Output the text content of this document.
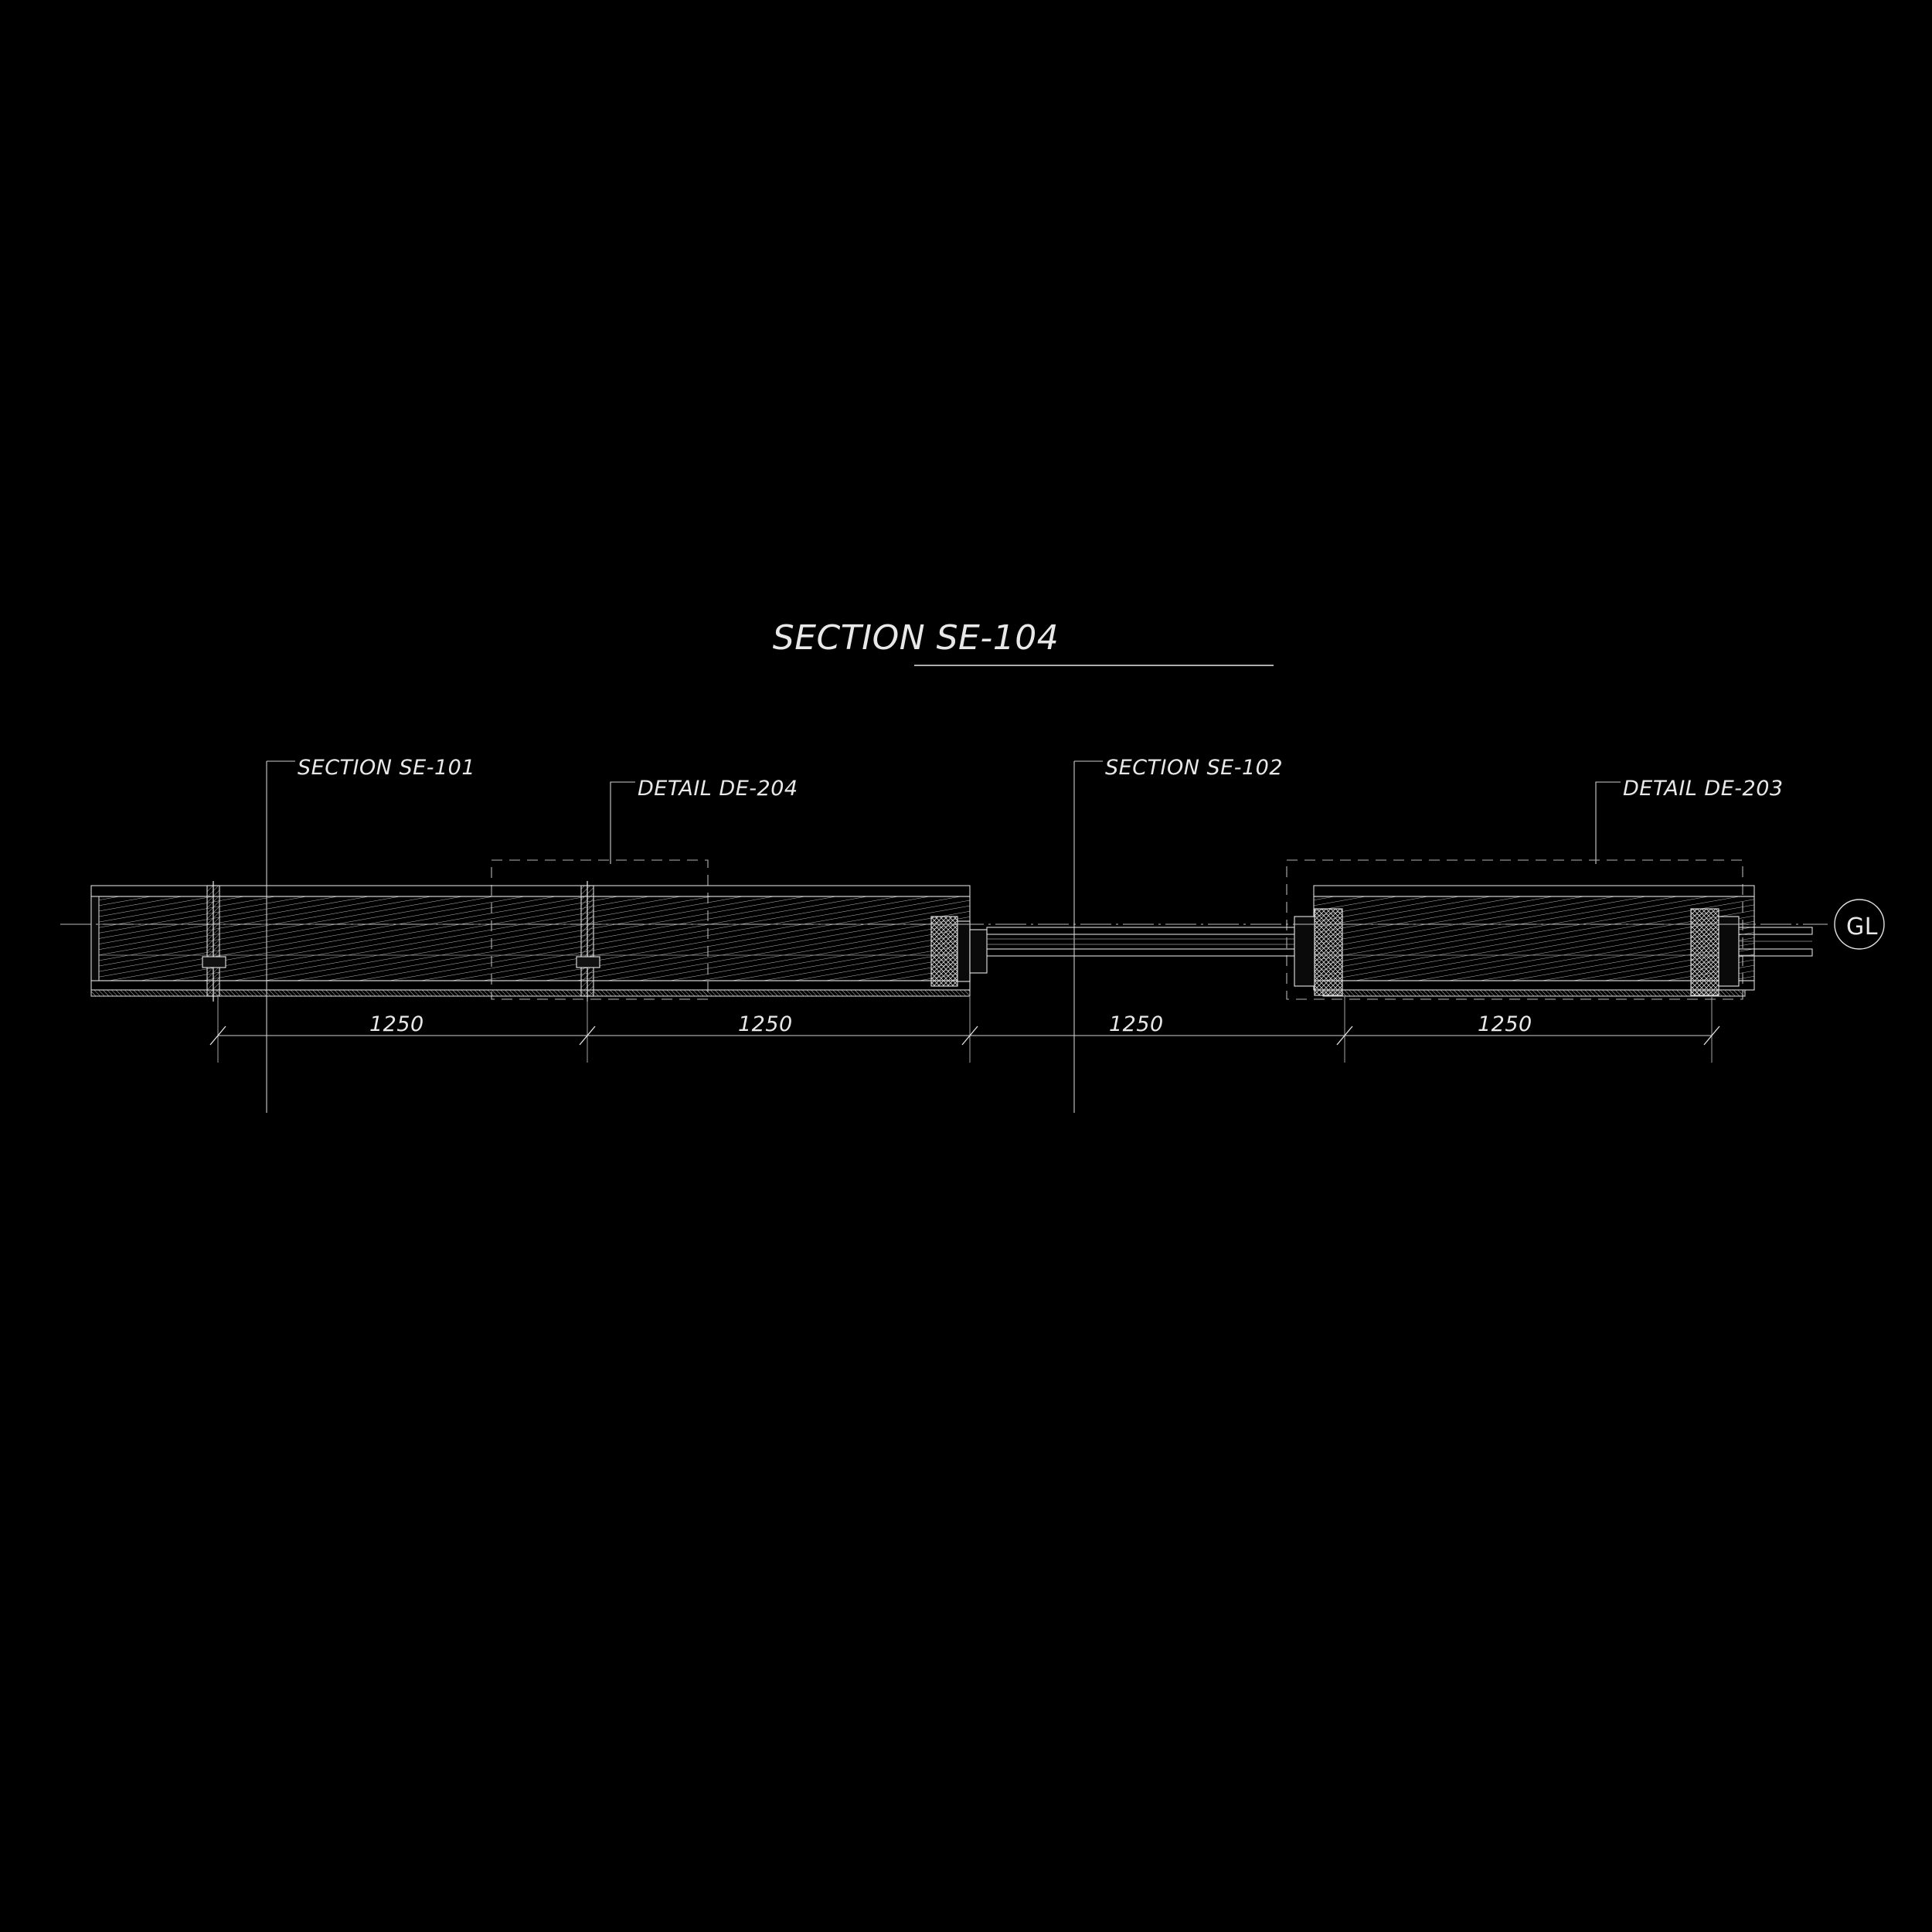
SECTION SE-104
SECTION SE-101
DETAIL DE-204
SECTION SE-102
DETAIL DE-203
1250	1250	1250	1250
GL
